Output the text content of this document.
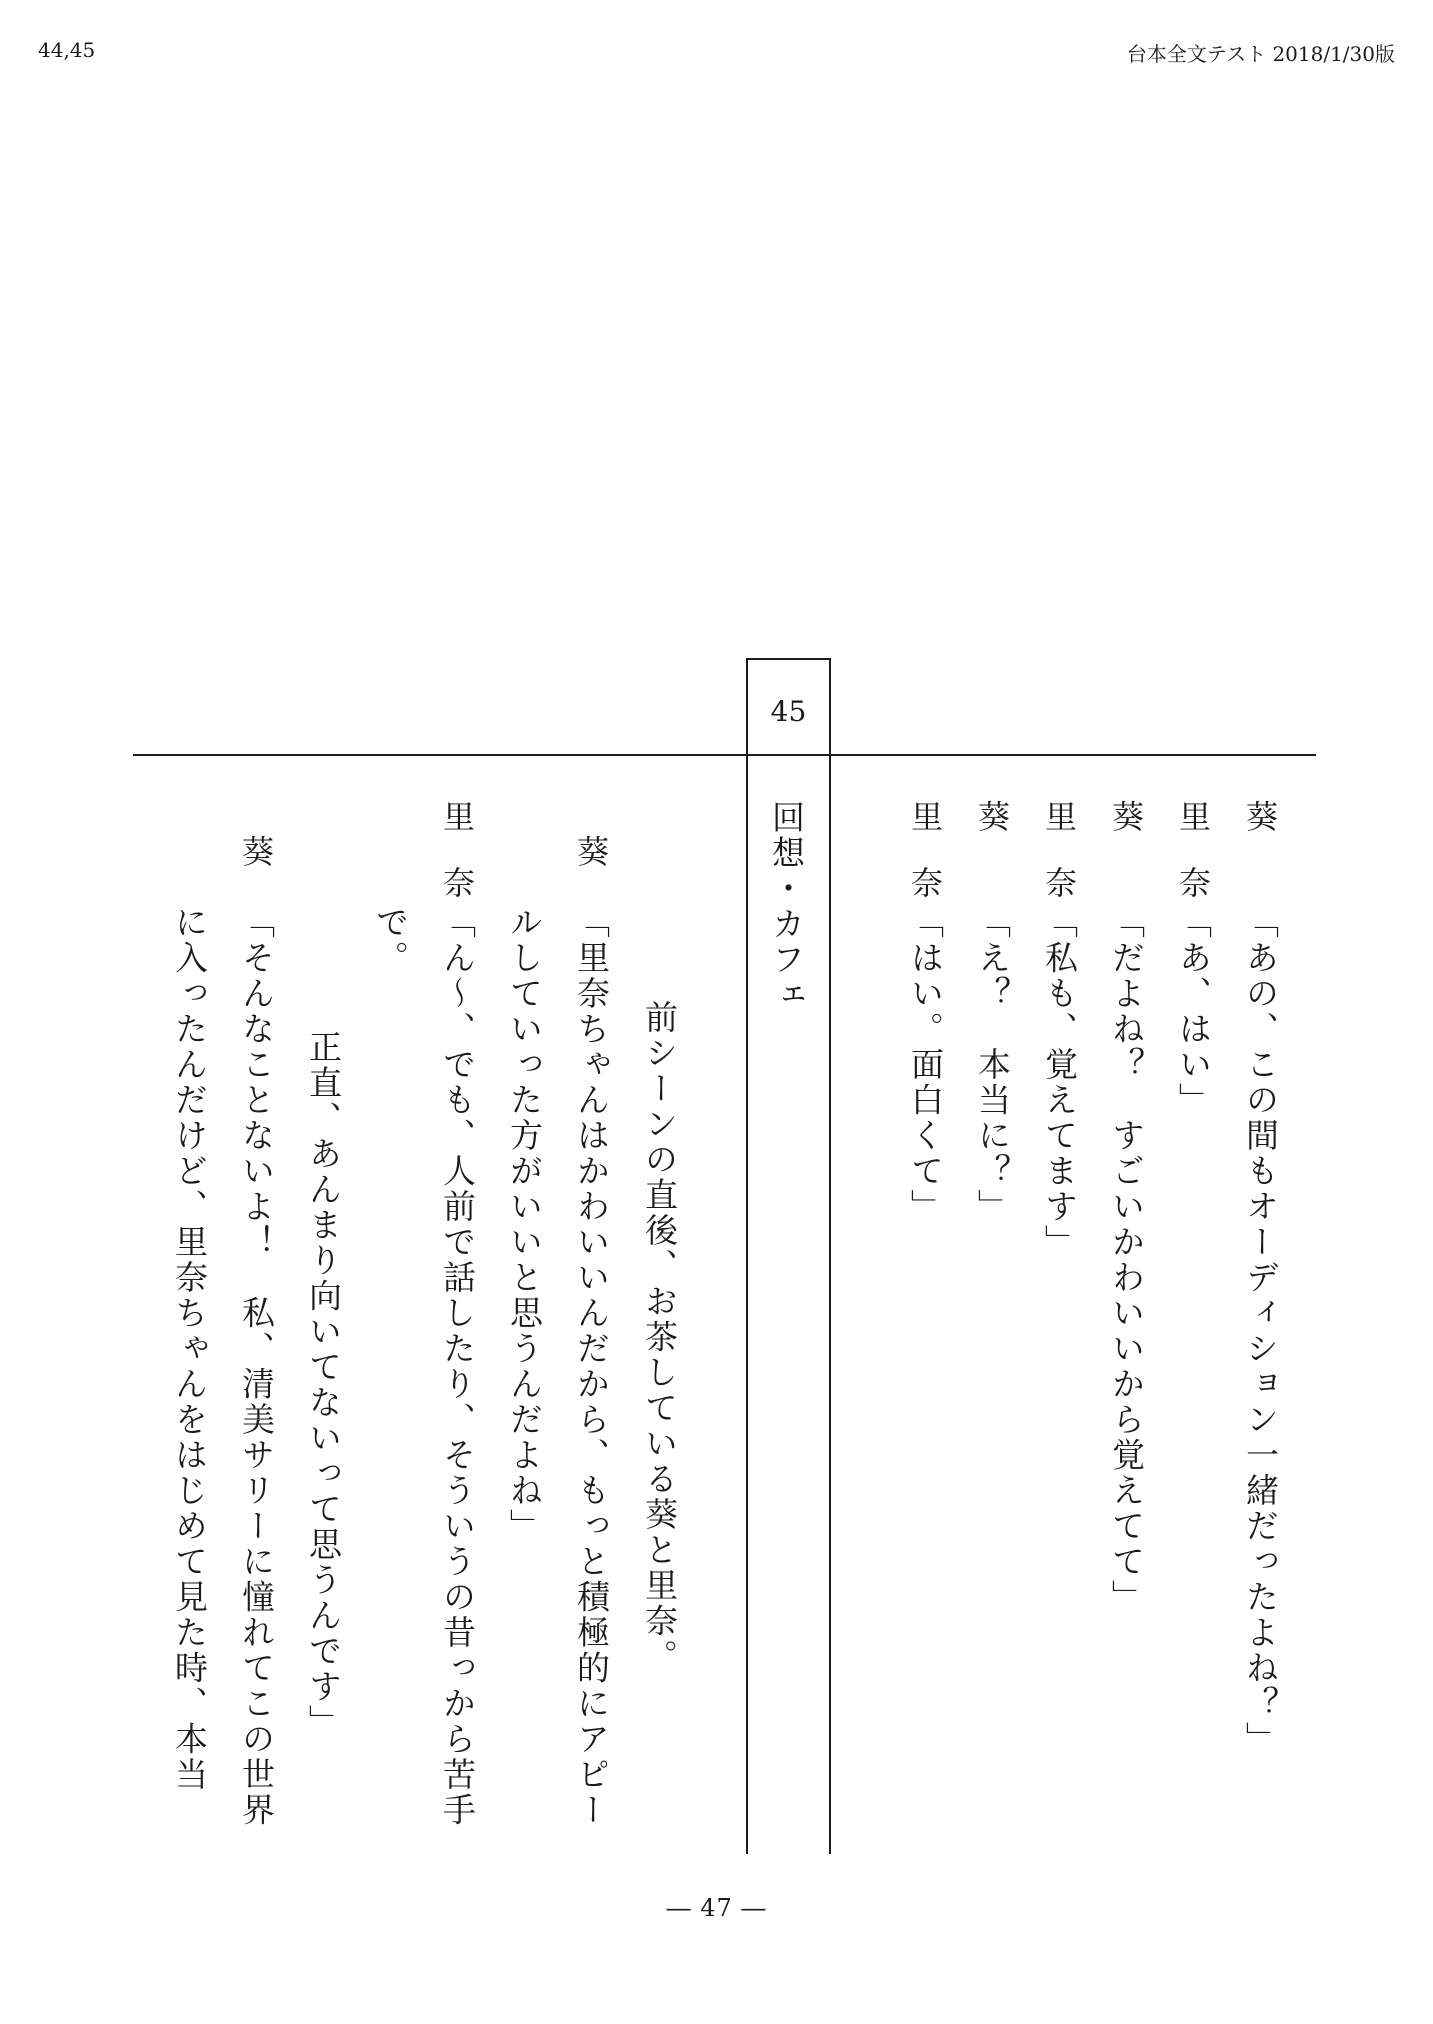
44,45	台本全文テスト 2018/1/30版
45
回想・カフェ	葵
「あの、この間もオーディション一緒だったよね？」
里
奈
「あ、はい」
葵
「だよね？　すごいかわいいから覚えてて」
里
奈
「私も、覚えてます」
葵
「え？　本当に？」
里
奈
「はい。面白くて」
前シーンの直後、お茶している葵と里奈。
葵
「里奈ちゃんはかわいいんだから、もっと積極的にアピー
ルしていった方がいいと思うんだよね」
里
奈
「ん〜、でも、人前で話したり、そういうの昔っから苦手
で。
正直、あんまり向いてないって思うんです」
葵
「そんなことないよ！　私、清美サリーに憧れてこの世界
に入ったんだけど、里奈ちゃんをはじめて見た時、本当
― 47 ―
